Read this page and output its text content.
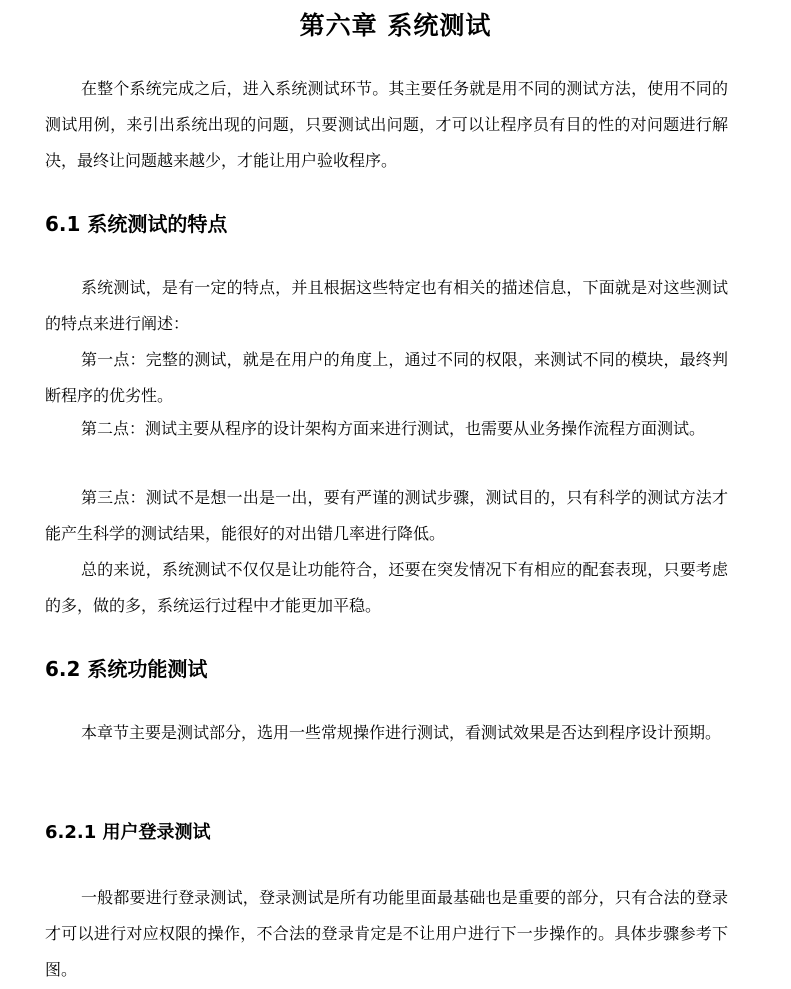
第六章 系统测试

在整个系统完成之后，进入系统测试环节。其主要任务就是用不同的测试方法，使用不同的测试用例，来引出系统出现的问题，只要测试出问题，才可以让程序员有目的性的对问题进行解决，最终让问题越来越少，才能让用户验收程序。

6.1 系统测试的特点

系统测试，是有一定的特点，并且根据这些特定也有相关的描述信息，下面就是对这些测试的特点来进行阐述：

第一点：完整的测试，就是在用户的角度上，通过不同的权限，来测试不同的模块，最终判断程序的优劣性。

第二点：测试主要从程序的设计架构方面来进行测试，也需要从业务操作流程方面测试。

第三点：测试不是想一出是一出，要有严谨的测试步骤，测试目的，只有科学的测试方法才能产生科学的测试结果，能很好的对出错几率进行降低。

总的来说，系统测试不仅仅是让功能符合，还要在突发情况下有相应的配套表现，只要考虑的多，做的多，系统运行过程中才能更加平稳。

6.2 系统功能测试

本章节主要是测试部分，选用一些常规操作进行测试，看测试效果是否达到程序设计预期。

6.2.1 用户登录测试

一般都要进行登录测试，登录测试是所有功能里面最基础也是重要的部分，只有合法的登录才可以进行对应权限的操作，不合法的登录肯定是不让用户进行下一步操作的。具体步骤参考下图。
